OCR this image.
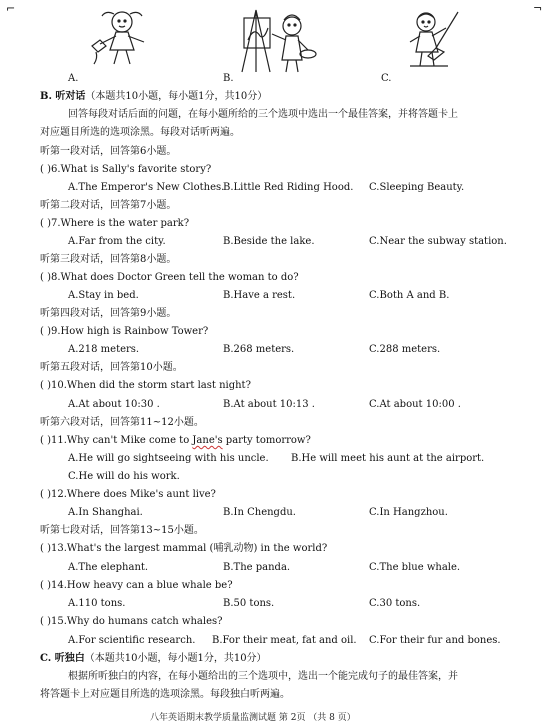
⌐	¬
A.	B.	C.
B. 听对话（本题共10小题，每小题1分，共10分）
回答每段对话后面的问题，在每小题所给的三个选项中选出一个最佳答案，并将答题卡上
对应题目所选的选项涂黑。每段对话听两遍。
听第一段对话，回答第6小题。
( )6.What is Sally's favorite story?
A.The Emperor's New Clothes.
B.Little Red Riding Hood. C.Sleeping Beauty.
听第二段对话，回答第7小题。
( )7.Where is the water park?
A.Far from the city.	B.Beside the lake.	C.Near the subway station.
听第三段对话，回答第8小题。
( )8.What does Doctor Green tell the woman to do?
A.Stay in bed.	B.Have a rest.	C.Both A and B.
听第四段对话，回答第9小题。
( )9.How high is Rainbow Tower?
A.218 meters.	B.268 meters.	C.288 meters.
听第五段对话，回答第10小题。
( )10.When did the storm start last night?
A.At about 10:30 .	B.At about 10:13 .	C.At about 10:00 .
听第六段对话，回答第11~12小题。
( )11.Why can't Mike come to Jane's party tomorrow?
A.He will go sightseeing with his uncle. B.He will meet his aunt at the airport.
C.He will do his work.
( )12.Where does Mike's aunt live?
A.In Shanghai.	B.In Chengdu.	C.In Hangzhou.
听第七段对话，回答第13~15小题。
( )13.What's the largest mammal (哺乳动物) in the world?
A.The elephant.	B.The panda.	C.The blue whale.
( )14.How heavy can a blue whale be?
A.110 tons.	B.50 tons.	C.30 tons.
( )15.Why do humans catch whales?
A.For scientific research. B.For their meat, fat and oil. C.For their fur and bones.
C. 听独白（本题共10小题，每小题1分，共10分）
根据所听独白的内容，在每小题给出的三个选项中，选出一个能完成句子的最佳答案，并
将答题卡上对应题目所选的选项涂黑。每段独白听两遍。
八年英语期末教学质量监测试题 第 2页 （共 8 页）
